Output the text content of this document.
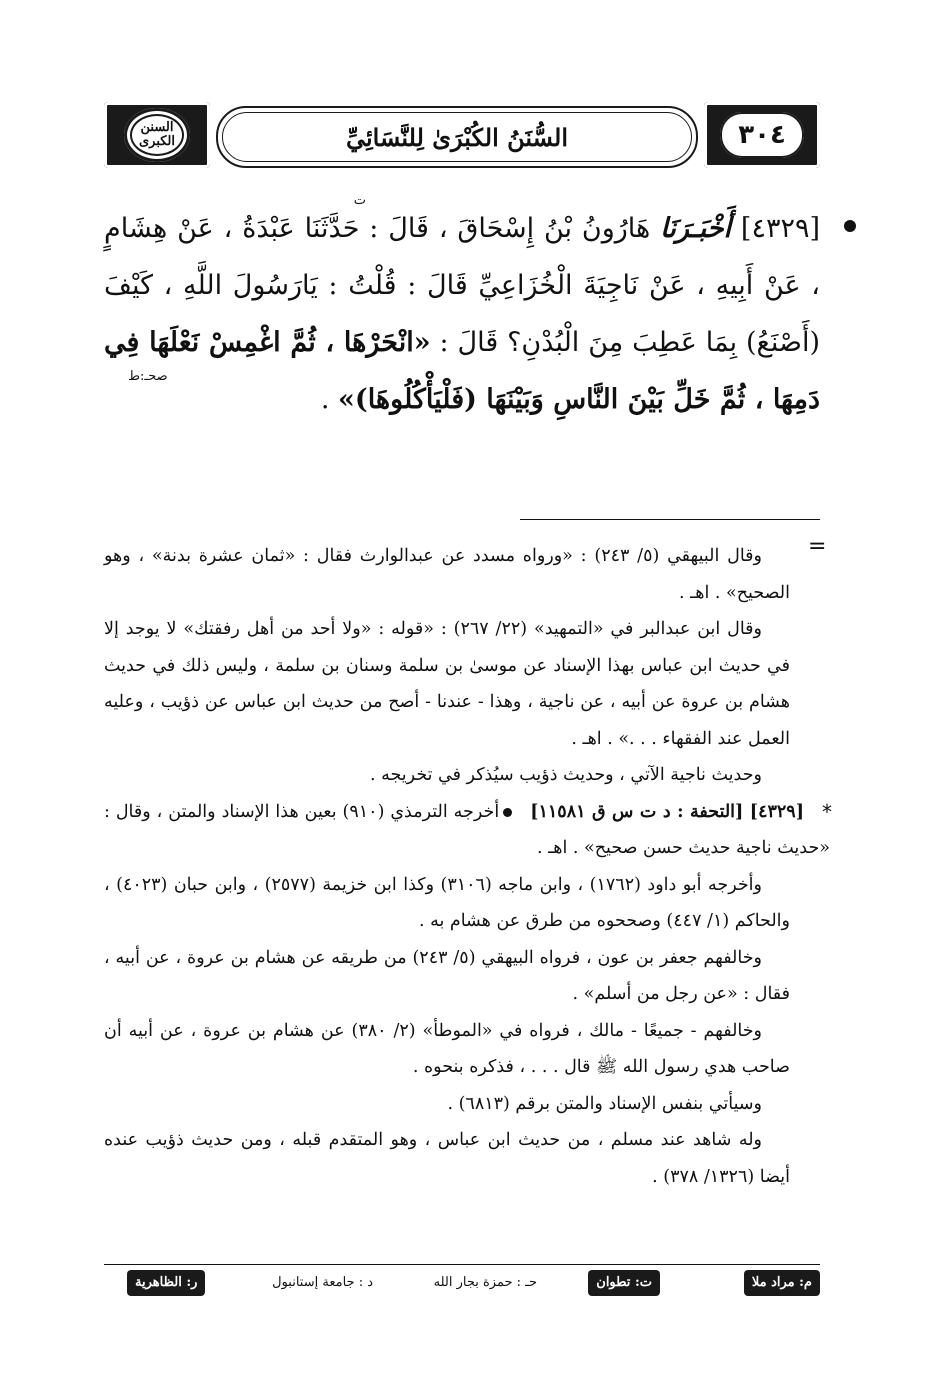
السنن الكبرى	السُّنَنُ الكُبْرَىٰ لِلنَّسَائِيِّ	٣٠٤
ت
صحـ:ط
[٤٣٢٩] أَخْبَـرَنَا هَارُونُ بْنُ إِسْحَاقَ ، قَالَ : حَدَّثَنَا عَبْدَةُ ، عَنْ هِشَامٍ ، عَنْ أَبِيهِ ، عَنْ نَاجِيَةَ الْخُزَاعِيِّ قَالَ : قُلْتُ : يَارَسُولَ اللَّهِ ، كَيْفَ (أَصْنَعُ) بِمَا عَطِبَ مِنَ الْبُدْنِ؟ قَالَ : «انْحَرْهَا ، ثُمَّ اغْمِسْ نَعْلَهَا فِي دَمِهَا ، ثُمَّ خَلِّ بَيْنَ النَّاسِ وَبَيْنَهَا (فَلْيَأْكُلُوهَا)» .
=

وقال البيهقي (٥/ ٢٤٣) : «ورواه مسدد عن عبدالوارث فقال : «ثمان عشرة بدنة» ، وهو الصحيح» . اهـ .

وقال ابن عبدالبر في «التمهيد» (٢٢/ ٢٦٧) : «قوله : «ولا أحد من أهل رفقتك» لا يوجد إلا في حديث ابن عباس بهذا الإسناد عن موسىٰ بن سلمة وسنان بن سلمة ، وليس ذلك في حديث هشام بن عروة عن أبيه ، عن ناجية ، وهذا - عندنا - أصح من حديث ابن عباس عن ذؤيب ، وعليه العمل عند الفقهاء . . .» . اهـ .

وحديث ناجية الآتي ، وحديث ذؤيب سيُذكر في تخريجه .

*
[٤٣٢٩] [التحفة : د ت س ق ١١٥٨١]أخرجه الترمذي (٩١٠) بعين هذا الإسناد والمتن ، وقال : «حديث ناجية حديث حسن صحيح» . اهـ .

وأخرجه أبو داود (١٧٦٢) ، وابن ماجه (٣١٠٦) وكذا ابن خزيمة (٢٥٧٧) ، وابن حبان (٤٠٢٣) ، والحاكم (١/ ٤٤٧) وصححوه من طرق عن هشام به .

وخالفهم جعفر بن عون ، فرواه البيهقي (٥/ ٢٤٣) من طريقه عن هشام بن عروة ، عن أبيه ، فقال : «عن رجل من أسلم» .

وخالفهم - جميعًا - مالك ، فرواه في «الموطأ» (٢/ ٣٨٠) عن هشام بن عروة ، عن أبيه أن صاحب هدي رسول الله ﷺ قال . . . ، فذكره بنحوه .

وسيأتي بنفس الإسناد والمتن برقم (٦٨١٣) .

وله شاهد عند مسلم ، من حديث ابن عباس ، وهو المتقدم قبله ، ومن حديث ذؤيب عنده أيضا (١٣٢٦/ ٣٧٨) .

م: مراد ملا
ت: تطوان
حـ : حمزة بجار الله
د : جامعة إستانبول
ر: الظاهرية
